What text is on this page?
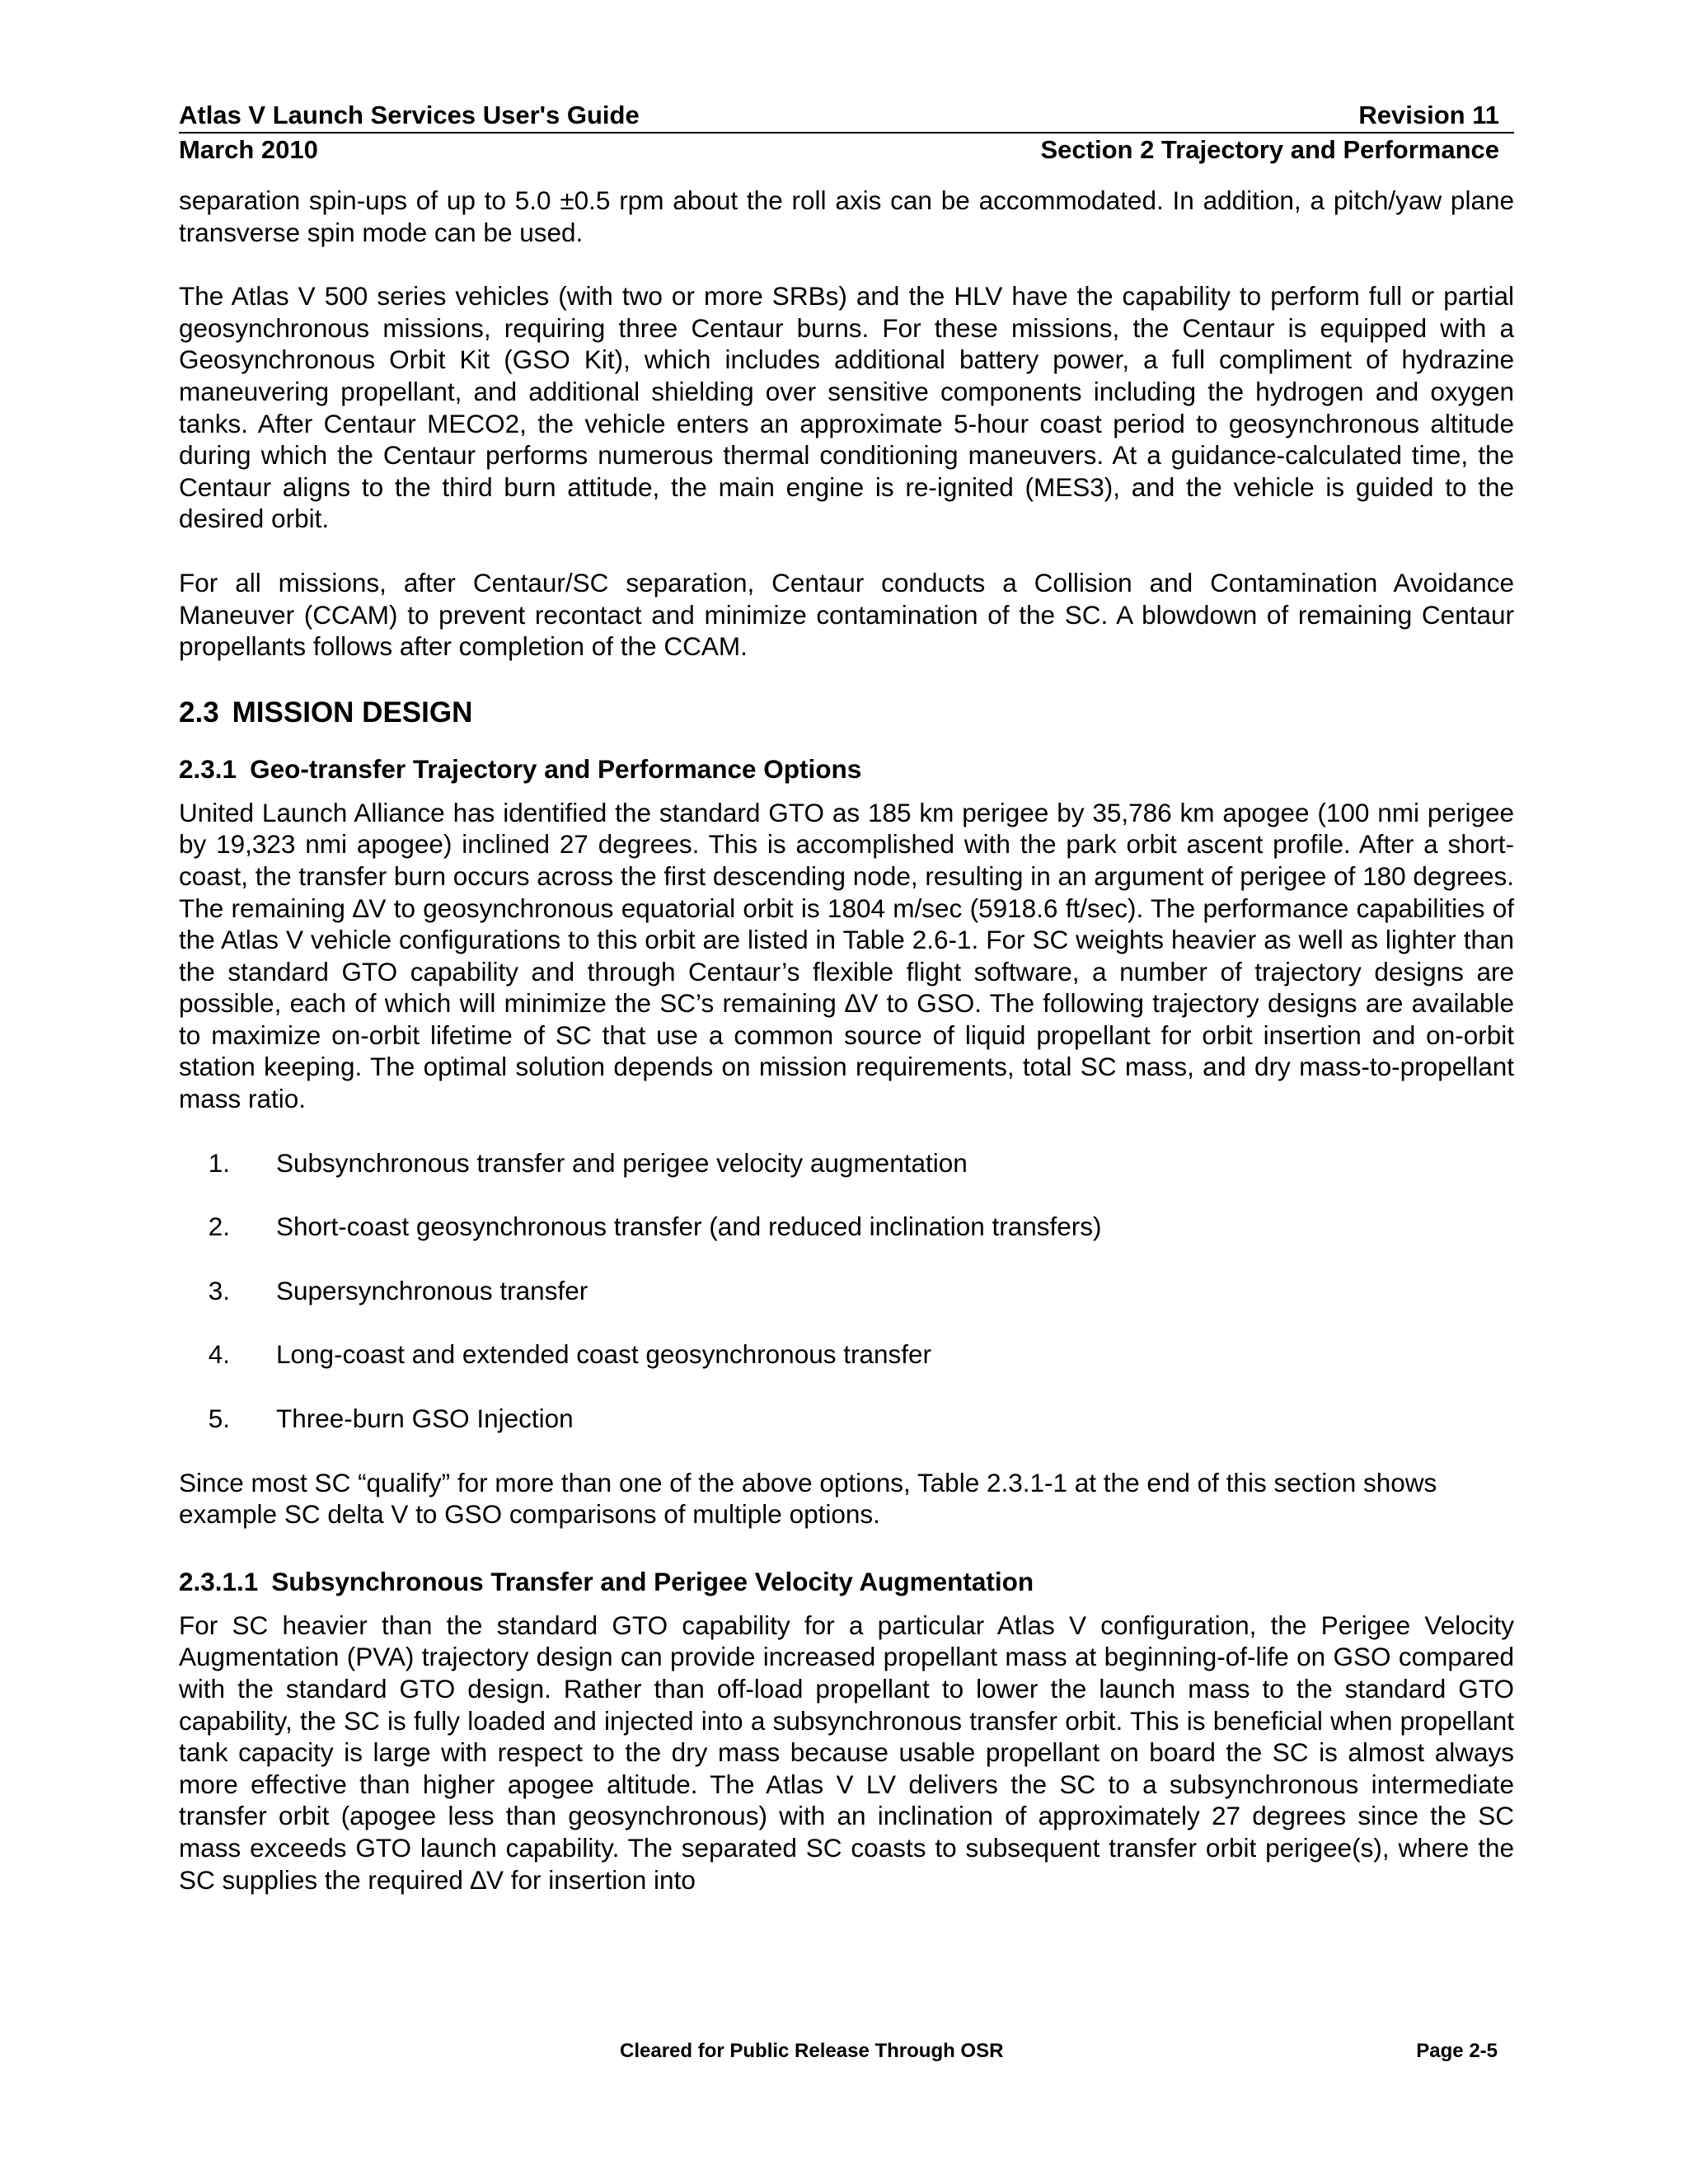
Atlas V Launch Services User's Guide	Revision 11
March 2010	Section 2 Trajectory and Performance

separation spin-ups of up to 5.0 ±0.5 rpm about the roll axis can be accommodated. In addition, a pitch/yaw plane transverse spin mode can be used.

The Atlas V 500 series vehicles (with two or more SRBs) and the HLV have the capability to perform full or partial geosynchronous missions, requiring three Centaur burns. For these missions, the Centaur is equipped with a Geosynchronous Orbit Kit (GSO Kit), which includes additional battery power, a full compliment of hydrazine maneuvering propellant, and additional shielding over sensitive components including the hydrogen and oxygen tanks. After Centaur MECO2, the vehicle enters an approximate 5-hour coast period to geosynchronous altitude during which the Centaur performs numerous thermal conditioning maneuvers. At a guidance-calculated time, the Centaur aligns to the third burn attitude, the main engine is re-ignited (MES3), and the vehicle is guided to the desired orbit.

For all missions, after Centaur/SC separation, Centaur conducts a Collision and Contamination Avoidance Maneuver (CCAM) to prevent recontact and minimize contamination of the SC. A blowdown of remaining Centaur propellants follows after completion of the CCAM.

2.3 MISSION DESIGN
2.3.1 Geo-transfer Trajectory and Performance Options

United Launch Alliance has identified the standard GTO as 185 km perigee by 35,786 km apogee (100 nmi perigee by 19,323 nmi apogee) inclined 27 degrees. This is accomplished with the park orbit ascent profile. After a short-coast, the transfer burn occurs across the first descending node, resulting in an argument of perigee of 180 degrees. The remaining ∆V to geosynchronous equatorial orbit is 1804 m/sec (5918.6 ft/sec). The performance capabilities of the Atlas V vehicle configurations to this orbit are listed in Table 2.6-1. For SC weights heavier as well as lighter than the standard GTO capability and through Centaur’s flexible flight software, a number of trajectory designs are possible, each of which will minimize the SC’s remaining ∆V to GSO. The following trajectory designs are available to maximize on-orbit lifetime of SC that use a common source of liquid propellant for orbit insertion and on-orbit station keeping. The optimal solution depends on mission requirements, total SC mass, and dry mass-to-propellant mass ratio.

1. Subsynchronous transfer and perigee velocity augmentation
2. Short-coast geosynchronous transfer (and reduced inclination transfers)
3. Supersynchronous transfer
4. Long-coast and extended coast geosynchronous transfer
5. Three-burn GSO Injection

Since most SC “qualify” for more than one of the above options, Table 2.3.1-1 at the end of this section shows example SC delta V to GSO comparisons of multiple options.

2.3.1.1 Subsynchronous Transfer and Perigee Velocity Augmentation

For SC heavier than the standard GTO capability for a particular Atlas V configuration, the Perigee Velocity Augmentation (PVA) trajectory design can provide increased propellant mass at beginning-of-life on GSO compared with the standard GTO design. Rather than off-load propellant to lower the launch mass to the standard GTO capability, the SC is fully loaded and injected into a subsynchronous transfer orbit. This is beneficial when propellant tank capacity is large with respect to the dry mass because usable propellant on board the SC is almost always more effective than higher apogee altitude. The Atlas V LV delivers the SC to a subsynchronous intermediate transfer orbit (apogee less than geosynchronous) with an inclination of approximately 27 degrees since the SC mass exceeds GTO launch capability. The separated SC coasts to subsequent transfer orbit perigee(s), where the SC supplies the required ∆V for insertion into

Cleared for Public Release Through OSR	Page 2-5
